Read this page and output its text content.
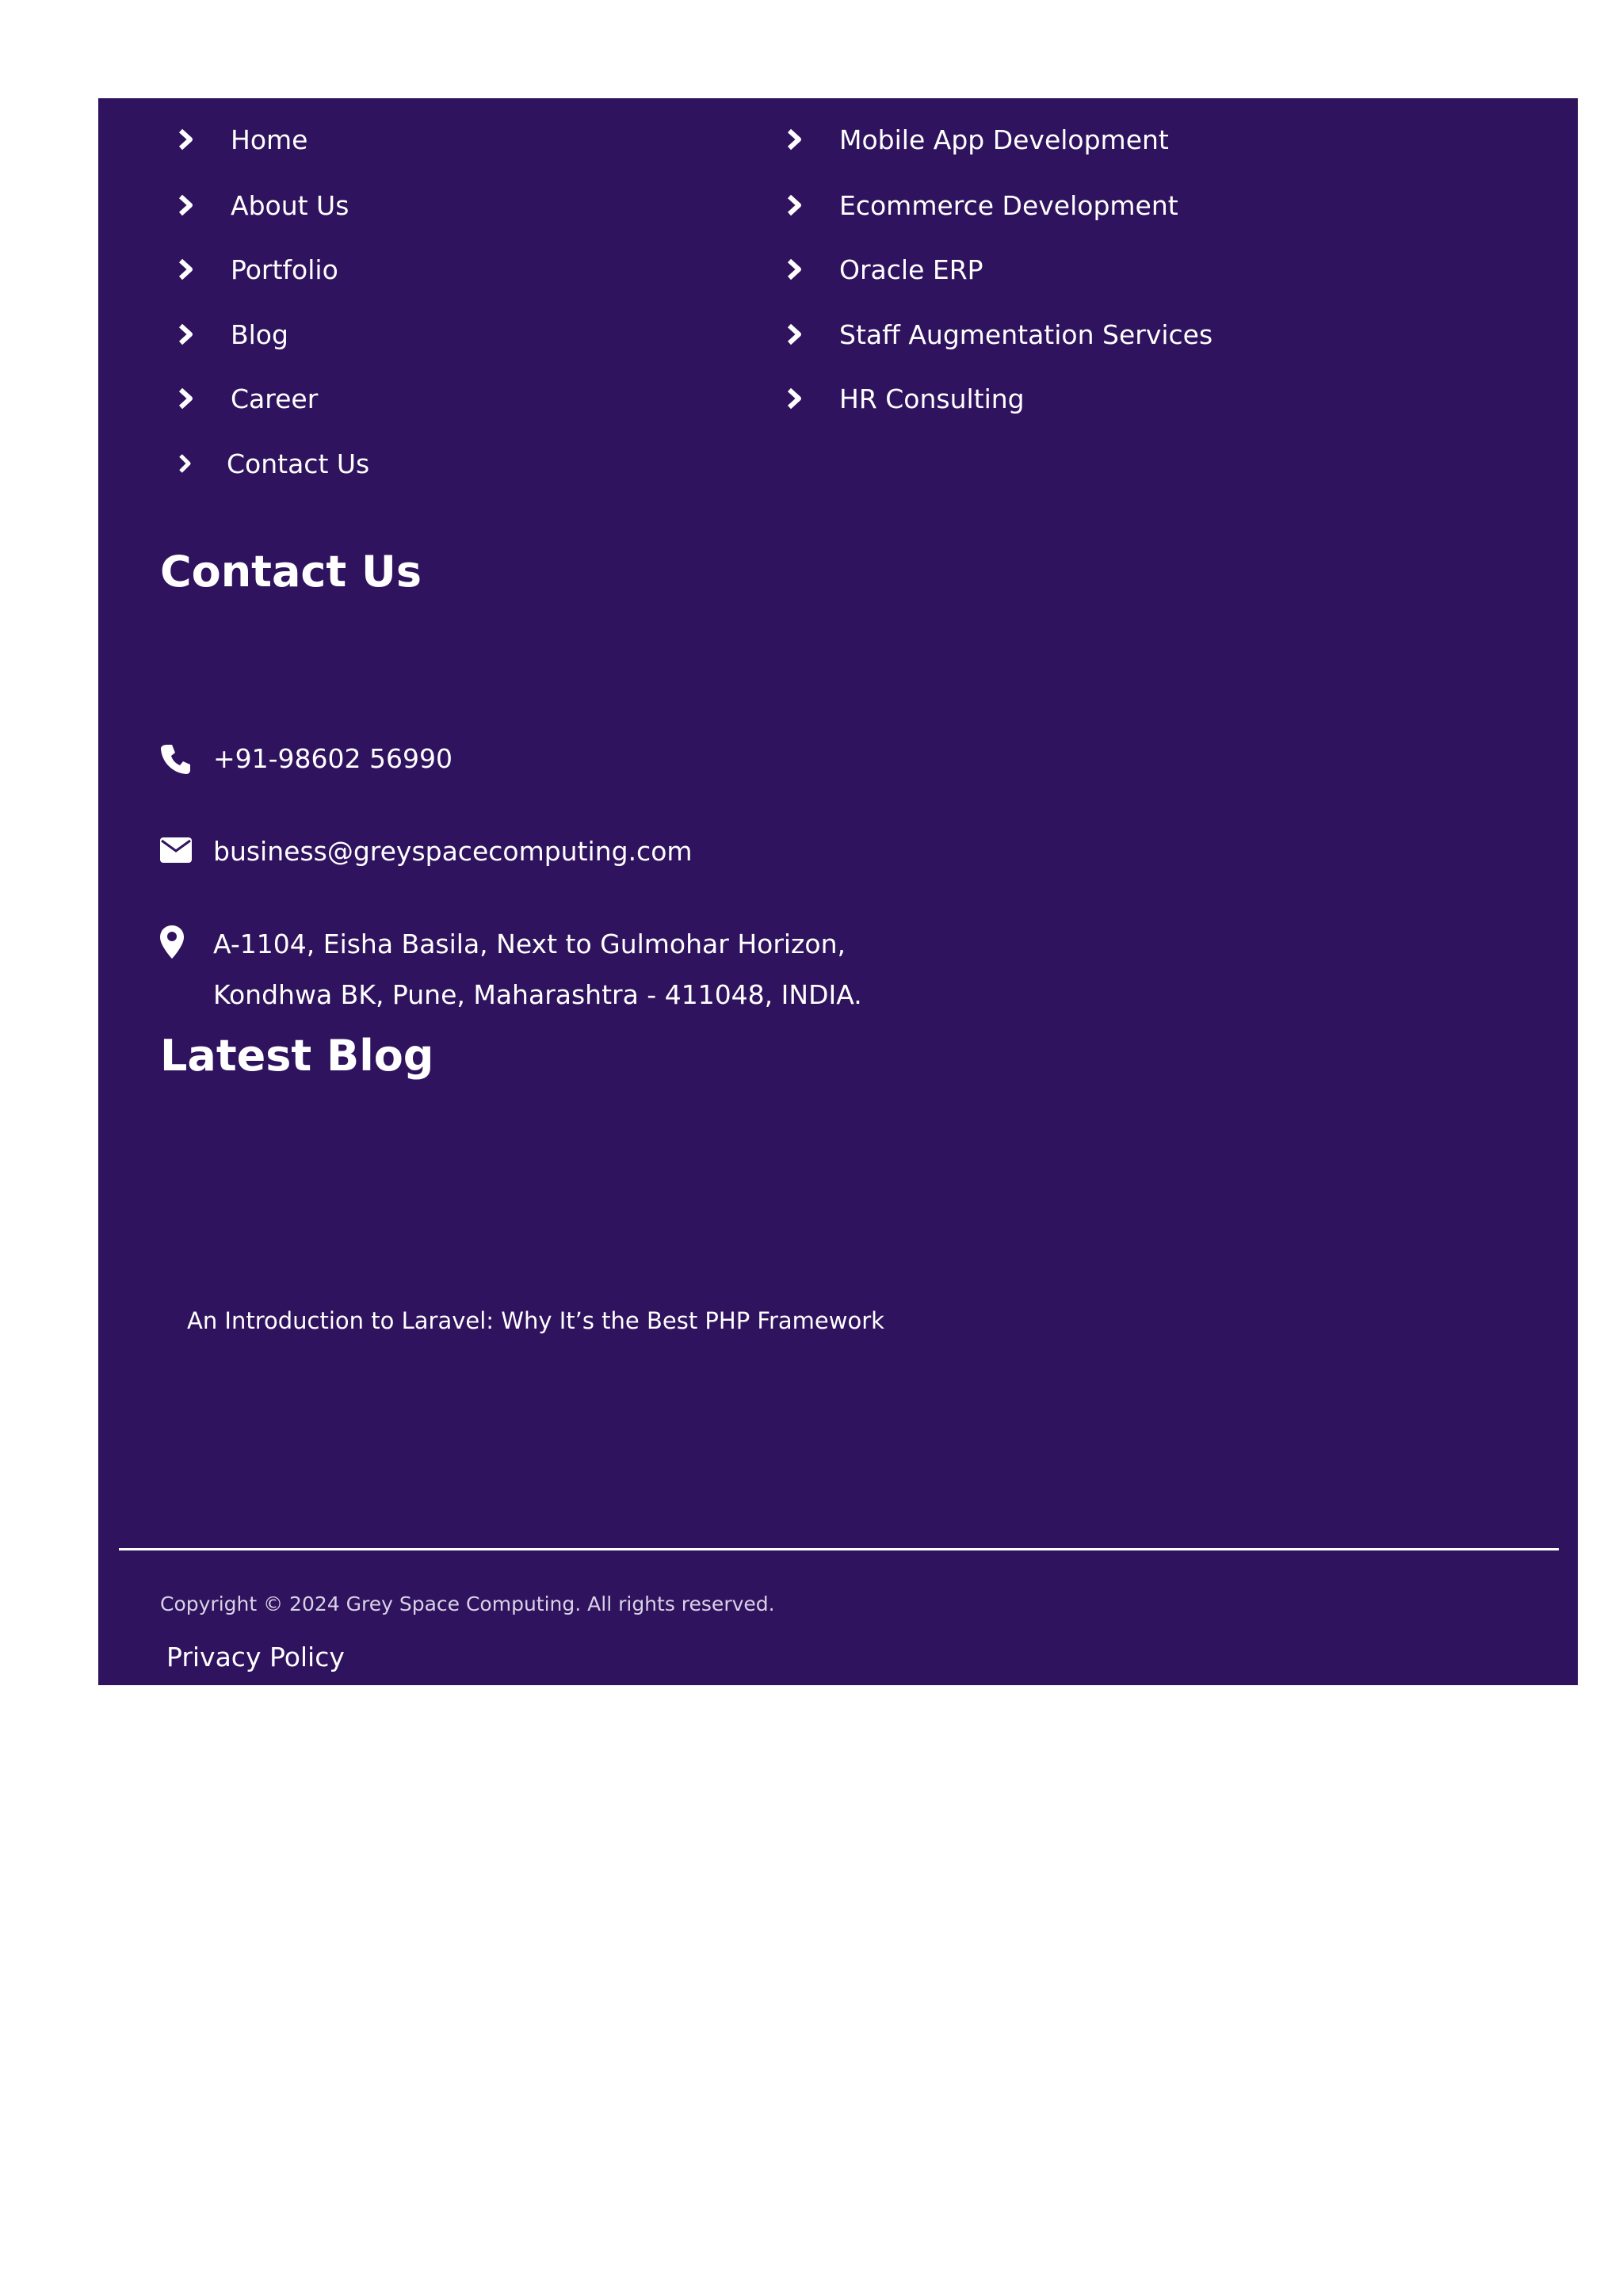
Home
About Us
Portfolio
Blog
Career
Contact Us
Mobile App Development
Ecommerce Development
Oracle ERP
Staff Augmentation Services
HR Consulting
Contact Us
+91-98602 56990
business@greyspacecomputing.com
A-1104, Eisha Basila, Next to Gulmohar Horizon,
Kondhwa BK, Pune, Maharashtra - 411048, INDIA.
Latest Blog
An Introduction to Laravel: Why It’s the Best PHP Framework
Copyright © 2024 Grey Space Computing. All rights reserved.
Privacy Policy
